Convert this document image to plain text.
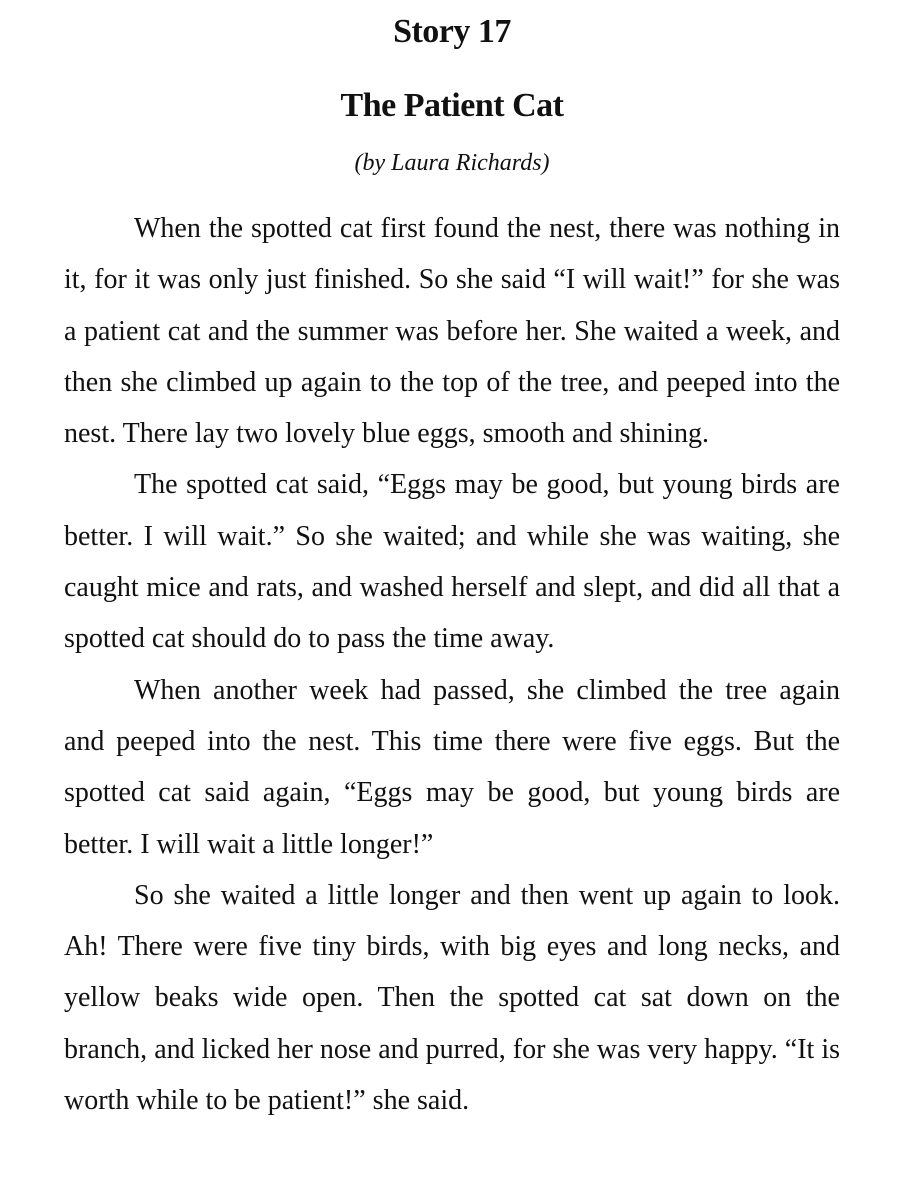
Story 17
The Patient Cat

(by Laura Richards)

When the spotted cat first found the nest, there was nothing in it, for it was only just finished. So she said “I will wait!” for she was a patient cat and the summer was before her. She waited a week, and then she climbed up again to the top of the tree, and peeped into the nest. There lay two lovely blue eggs, smooth and shining.

The spotted cat said, “Eggs may be good, but young birds are better. I will wait.” So she waited; and while she was waiting, she caught mice and rats, and washed herself and slept, and did all that a spotted cat should do to pass the time away.

When another week had passed, she climbed the tree again and peeped into the nest. This time there were five eggs. But the spotted cat said again, “Eggs may be good, but young birds are better. I will wait a little longer!”

So she waited a little longer and then went up again to look. Ah! There were five tiny birds, with big eyes and long necks, and yellow beaks wide open. Then the spotted cat sat down on the branch, and licked her nose and purred, for she was very happy. “It is worth while to be patient!” she said.
